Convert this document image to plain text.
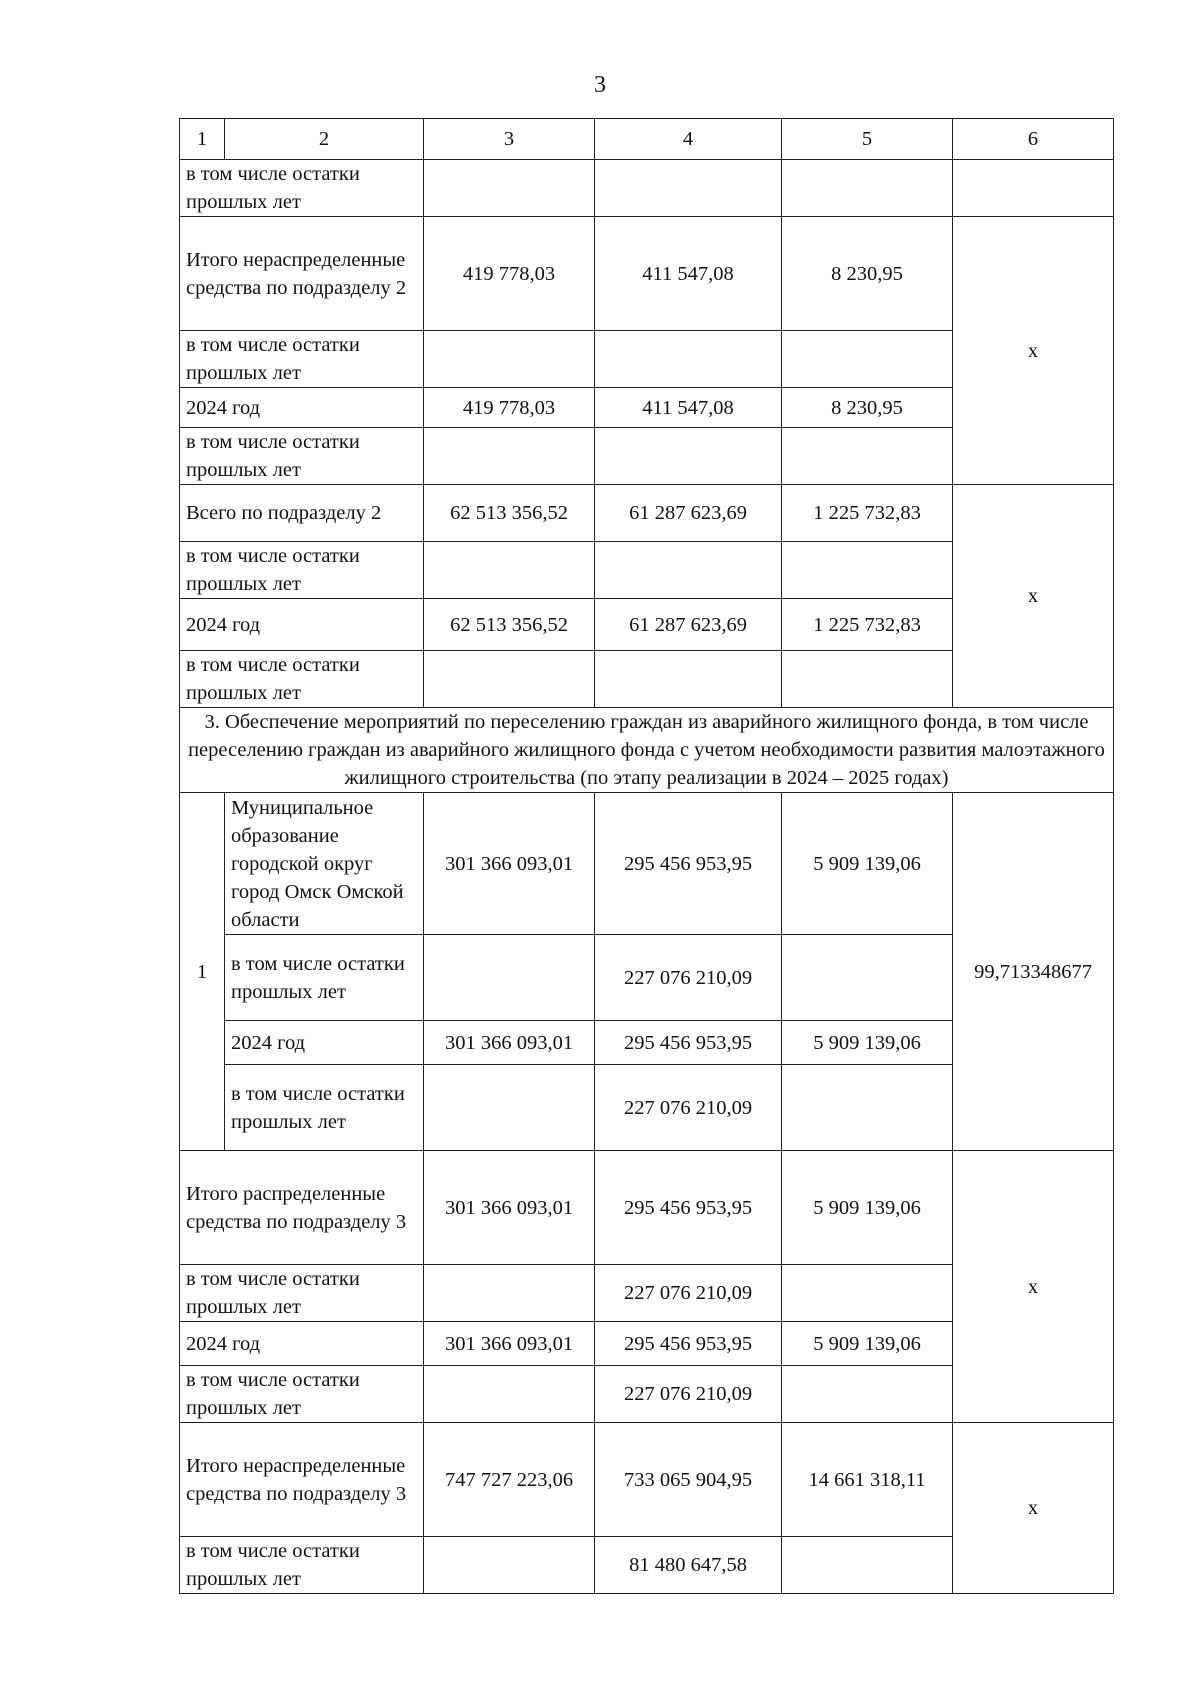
3
1	2	3	4	5	6
в том числе остатки прошлых лет					
Итого нераспределенные средства по подразделу 2		419 778,03	411 547,08	8 230,95	x
в том числе остатки прошлых лет					
2024 год		419 778,03	411 547,08	8 230,95	
в том числе остатки прошлых лет					
Всего по подразделу 2		62 513 356,52	61 287 623,69	1 225 732,83	x
в том числе остатки прошлых лет					
2024 год		62 513 356,52	61 287 623,69	1 225 732,83	
в том числе остатки прошлых лет					
3. Обеспечение мероприятий по переселению граждан из аварийного жилищного фонда, в том числе переселению граждан из аварийного жилищного фонда с учетом необходимости развития малоэтажного жилищного строительства (по этапу реализации в 2024 – 2025 годах)					
1	Муниципальное образование городской округ город Омск Омской области	301 366 093,01	295 456 953,95	5 909 139,06	99,713348677
	в том числе остатки прошлых лет		227 076 210,09		
	2024 год	301 366 093,01	295 456 953,95	5 909 139,06	
	в том числе остатки прошлых лет		227 076 210,09		
Итого распределенные средства по подразделу 3		301 366 093,01	295 456 953,95	5 909 139,06	x
в том числе остатки прошлых лет			227 076 210,09		
2024 год		301 366 093,01	295 456 953,95	5 909 139,06	
в том числе остатки прошлых лет			227 076 210,09		
Итого нераспределенные средства по подразделу 3		747 727 223,06	733 065 904,95	14 661 318,11	x
в том числе остатки прошлых лет			81 480 647,58		
